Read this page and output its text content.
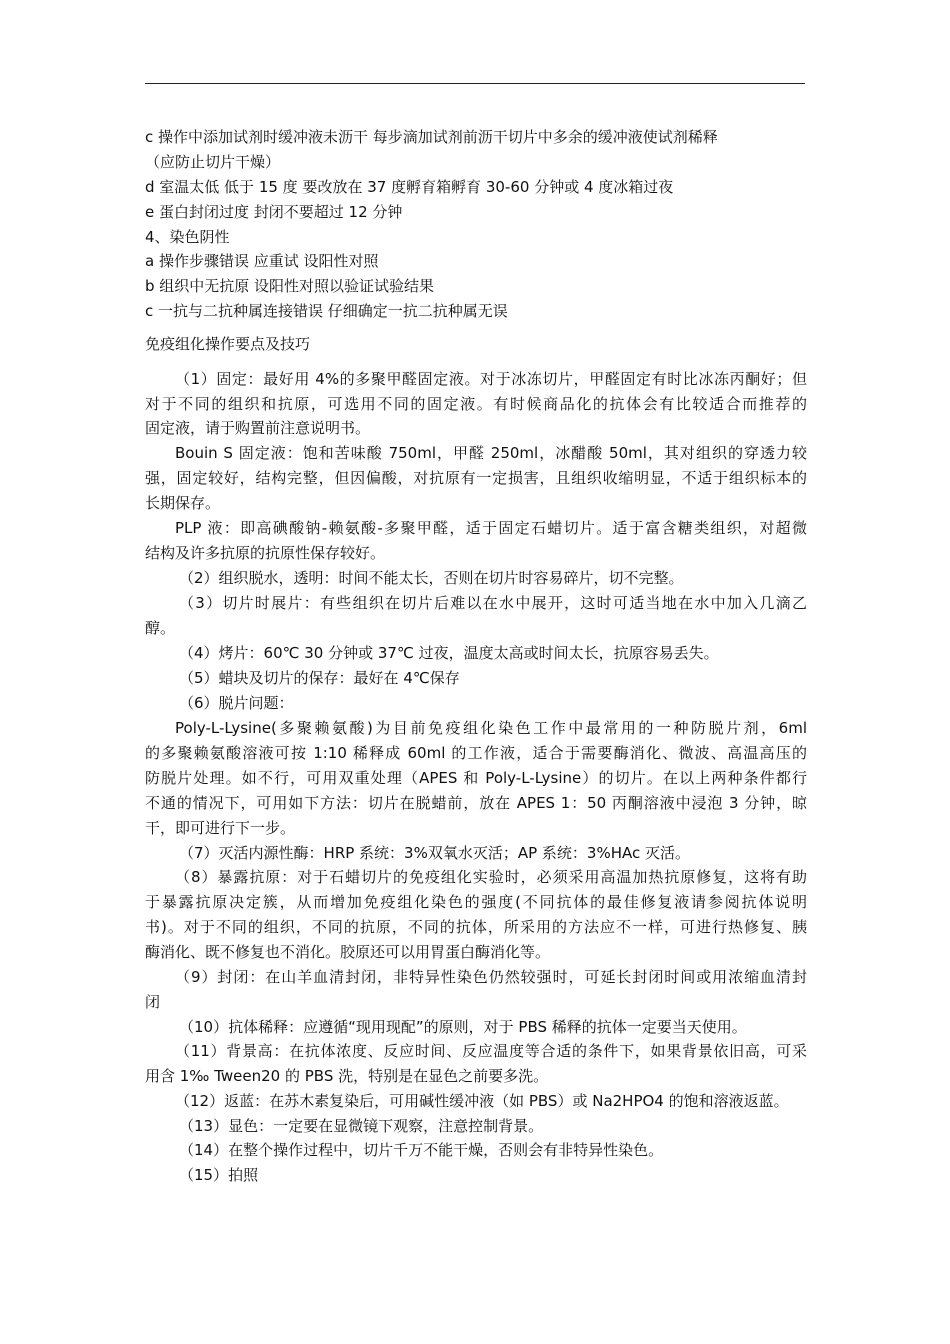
c 操作中添加试剂时缓冲液未沥干 每步滴加试剂前沥干切片中多余的缓冲液使试剂稀释
（应防止切片干燥）
d 室温太低 低于 15 度 要改放在 37 度孵育箱孵育 30-60 分钟或 4 度冰箱过夜
e 蛋白封闭过度 封闭不要超过 12 分钟
4、染色阴性
a 操作步骤错误 应重试 设阳性对照
b 组织中无抗原 设阳性对照以验证试验结果
c 一抗与二抗种属连接错误 仔细确定一抗二抗种属无误
免疫组化操作要点及技巧
（1）固定：最好用 4%的多聚甲醛固定液。对于冰冻切片，甲醛固定有时比冰冻丙酮好；但
对于不同的组织和抗原，可选用不同的固定液。有时候商品化的抗体会有比较适合而推荐的
固定液，请于购置前注意说明书。
Bouin S 固定液：饱和苦味酸 750ml，甲醛 250ml，冰醋酸 50ml，其对组织的穿透力较
强，固定较好，结构完整，但因偏酸，对抗原有一定损害，且组织收缩明显，不适于组织标本的
长期保存。
PLP 液：即高碘酸钠-赖氨酸-多聚甲醛，适于固定石蜡切片。适于富含糖类组织，对超微
结构及许多抗原的抗原性保存较好。
（2）组织脱水，透明：时间不能太长，否则在切片时容易碎片，切不完整。
（3）切片时展片：有些组织在切片后难以在水中展开，这时可适当地在水中加入几滴乙
醇。
（4）烤片：60℃ 30 分钟或 37℃ 过夜，温度太高或时间太长，抗原容易丢失。
（5）蜡块及切片的保存：最好在 4℃保存
（6）脱片问题：
Poly-L-Lysine(多聚赖氨酸)为目前免疫组化染色工作中最常用的一种防脱片剂，6ml
的多聚赖氨酸溶液可按 1:10 稀释成 60ml 的工作液，适合于需要酶消化、微波、高温高压的
防脱片处理。如不行，可用双重处理（APES 和 Poly-L-Lysine）的切片。在以上两种条件都行
不通的情况下，可用如下方法：切片在脱蜡前，放在 APES 1：50 丙酮溶液中浸泡 3 分钟，晾
干，即可进行下一步。
（7）灭活内源性酶：HRP 系统：3%双氧水灭活；AP 系统：3%HAc 灭活。
（8）暴露抗原：对于石蜡切片的免疫组化实验时，必须采用高温加热抗原修复，这将有助
于暴露抗原决定簇，从而增加免疫组化染色的强度(不同抗体的最佳修复液请参阅抗体说明
书)。对于不同的组织，不同的抗原，不同的抗体，所采用的方法应不一样，可进行热修复、胰
酶消化、既不修复也不消化。胶原还可以用胃蛋白酶消化等。
（9）封闭：在山羊血清封闭，非特异性染色仍然较强时，可延长封闭时间或用浓缩血清封
闭
（10）抗体稀释：应遵循“现用现配”的原则，对于 PBS 稀释的抗体一定要当天使用。
（11）背景高：在抗体浓度、反应时间、反应温度等合适的条件下，如果背景依旧高，可采
用含 1‰ Tween20 的 PBS 洗，特别是在显色之前要多洗。
（12）返蓝：在苏木素复染后，可用碱性缓冲液（如 PBS）或 Na2HPO4 的饱和溶液返蓝。
（13）显色：一定要在显微镜下观察，注意控制背景。
（14）在整个操作过程中，切片千万不能干燥，否则会有非特异性染色。
（15）拍照
